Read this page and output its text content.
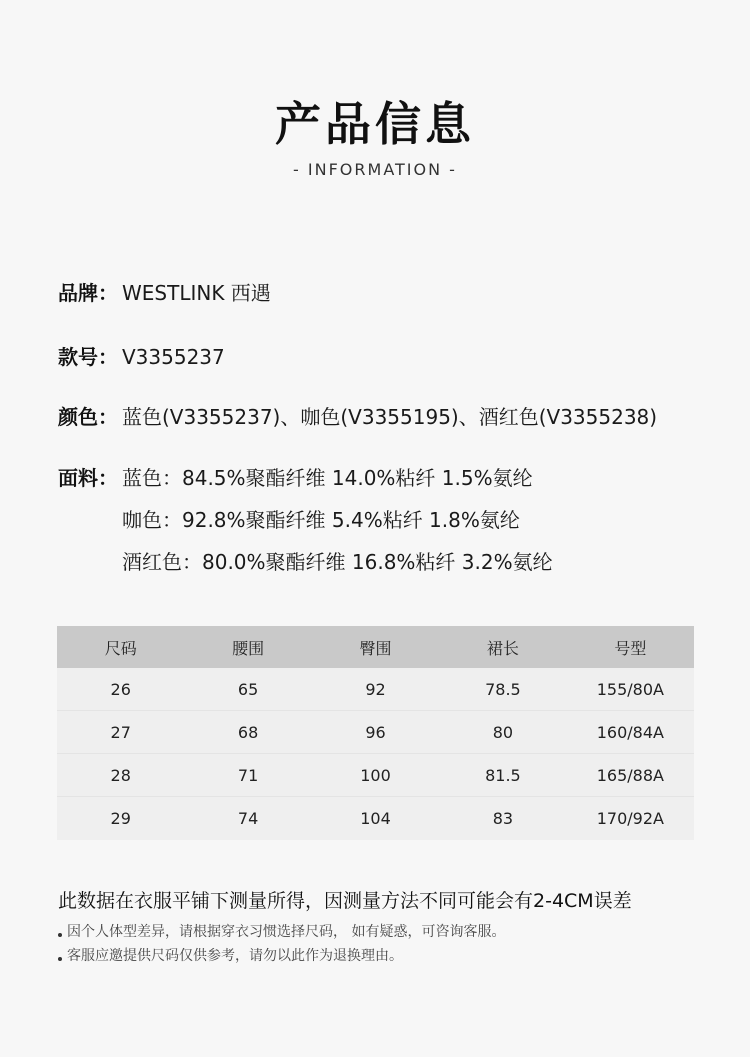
产品信息
- INFORMATION -
品牌： WESTLINK 西遇
款号： V3355237
颜色： 蓝色(V3355237)、咖色(V3355195)、酒红色(V3355238)
面料： 蓝色：84.5%聚酯纤维 14.0%粘纤 1.5%氨纶
咖色：92.8%聚酯纤维 5.4%粘纤 1.8%氨纶
酒红色：80.0%聚酯纤维 16.8%粘纤 3.2%氨纶
尺码	腰围	臀围	裙长	号型
26	65	92	78.5	155/80A
27	68	96	80	160/84A
28	71	100	81.5	165/88A
29	74	104	83	170/92A
此数据在衣服平铺下测量所得，因测量方法不同可能会有2-4CM误差
因个人体型差异，请根据穿衣习惯选择尺码， 如有疑惑，可咨询客服。
客服应邀提供尺码仅供参考，请勿以此作为退换理由。
